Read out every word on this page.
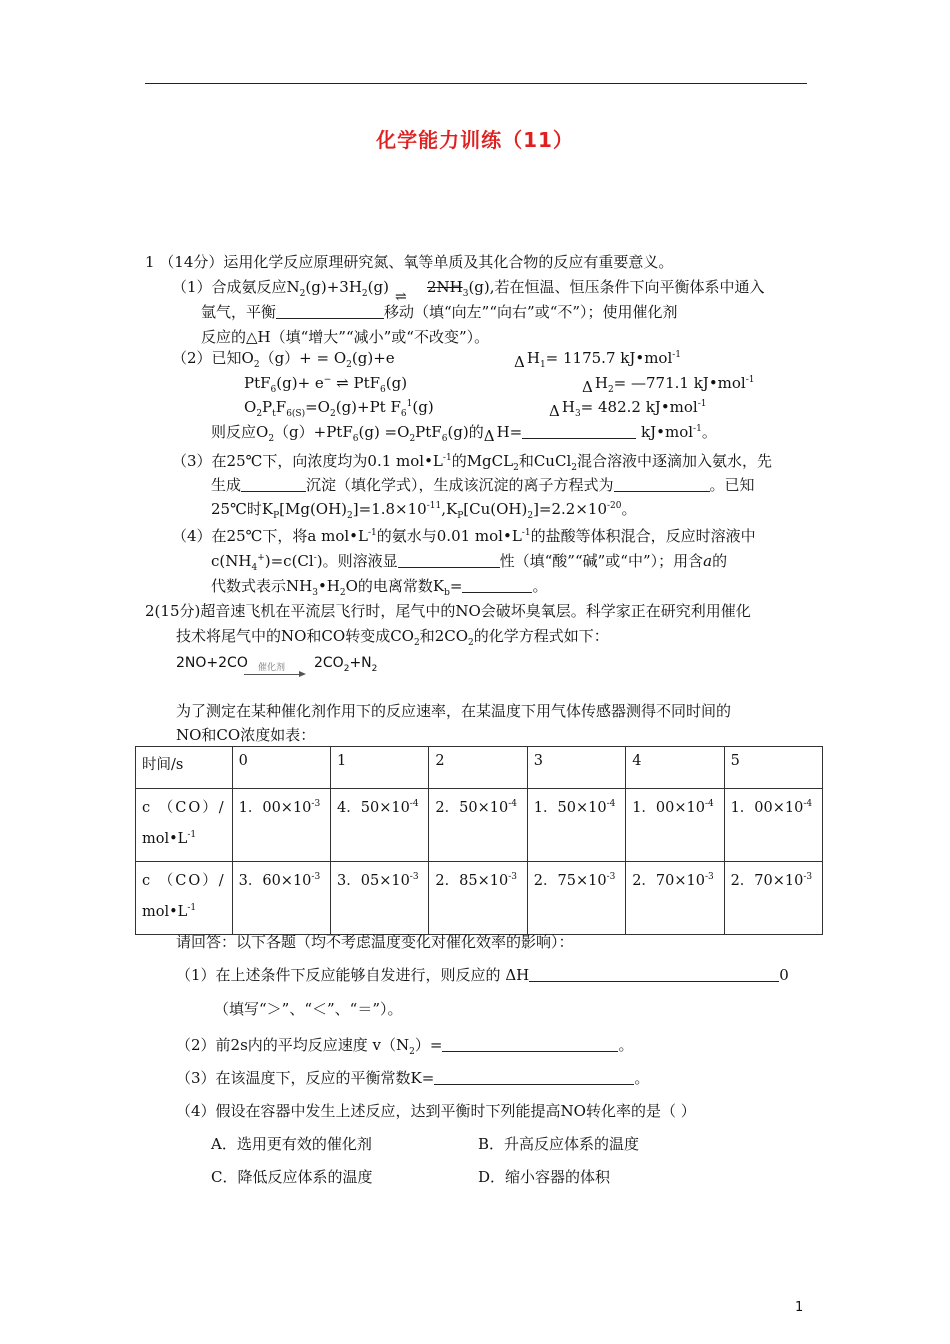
化学能力训练（11）
1 （14分）运用化学反应原理研究氮、氧等单质及其化合物的反应有重要意义。
（1）合成氨反应$N_2(g)+3H_2(g)$
⇌
$2NH_3(g)$,若在恒温、恒压条件下向平衡体系中通入
氩气，平衡	移动（填“向左”“向右”或“不”）；使用催化剂
反应的△H（填“增大”“减小”或“不改变”）。
（2）已知$O_2(g)+ = O_2(g)+e$	Δ $H_1= 1175.7$ kJ•mol$^{-1}$
PtF$_6$(g)+ e− ⇌ PtF$_6$(g)	Δ $H_2=$ —771.1 kJ•mol$^{-1}$
$O_2P_tF_{6(S)}=O_2(g)+Pt$ $F_6^1(g)$	Δ $H_3= 482.2$ kJ•mol$^{-1}$
则反应$O_2(g)+PtF_6(g) =O_2PtF_6(g)$的Δ H=	kJ•mol$^{-1}$。
（3）在25℃下，向浓度均为0.1 $mol•L^{-1}$的MgCL$_2$和CuCl$_2$混合溶液中逐滴加入氨水，先
生成	沉淀（填化学式），生成该沉淀的离子方程式为	。已知
25℃时$K_P[Mg(OH)_2]=1.8\times 10^{-11},K_P[Cu(OH)_2]=2.2\times 10^{-20}$。
（4）在25℃下，将a $mol•L^{-1}$的氨水与0.01 $mol•L^{-1}$的盐酸等体积混合，反应时溶液中
$c(NH_4^+)=c(Cl^-)$。则溶液显	性（填“酸”“碱”或“中”）；用含a的
代数式表示$NH_3•H_2O$的电离常数$K_b=$	。
2(15分)超音速飞机在平流层飞行时，尾气中的NO会破坏臭氧层。科学家正在研究利用催化
技术将尾气中的NO和CO转变成$CO_2$和$2CO_2$的化学方程式如下：
2NO+2CO 催化剂 $2CO_2+N_2$
为了测定在某种催化剂作用下的反应速率，在某温度下用气体传感器测得不同时间的
NO和CO浓度如表：
时间/s	0	1	2	3	4	5

c （CO）/
$mol•L^{-1}$	1．$00\times 10^{-3}$	4．$50\times 10^{-4}$	2．$50\times 10^{-4}$	1．$50\times 10^{-4}$	1．$00\times 10^{-4}$	1．$00\times 10^{-4}$

c （CO）/
$mol•L^{-1}$	3．$60\times 10^{-3}$	3．$05\times 10^{-3}$	2．$85\times 10^{-3}$	2．$75\times 10^{-3}$	2．$70\times 10^{-3}$	2．$70\times 10^{-3}$
请回答：以下各题（均不考虑温度变化对催化效率的影响）：
（1）在上述条件下反应能够自发进行，则反应的 ΔH	0
（填写“＞”、“＜”、“＝”）。
（2）前2s内的平均反应速度 $v(N_2)=$	。
（3）在该温度下，反应的平衡常数K=	。
（4）假设在容器中发生上述反应，达到平衡时下列能提高NO转化率的是（ ）
A．选用更有效的催化剂	B．升高反应体系的温度
C．降低反应体系的温度	D．缩小容器的体积
1
